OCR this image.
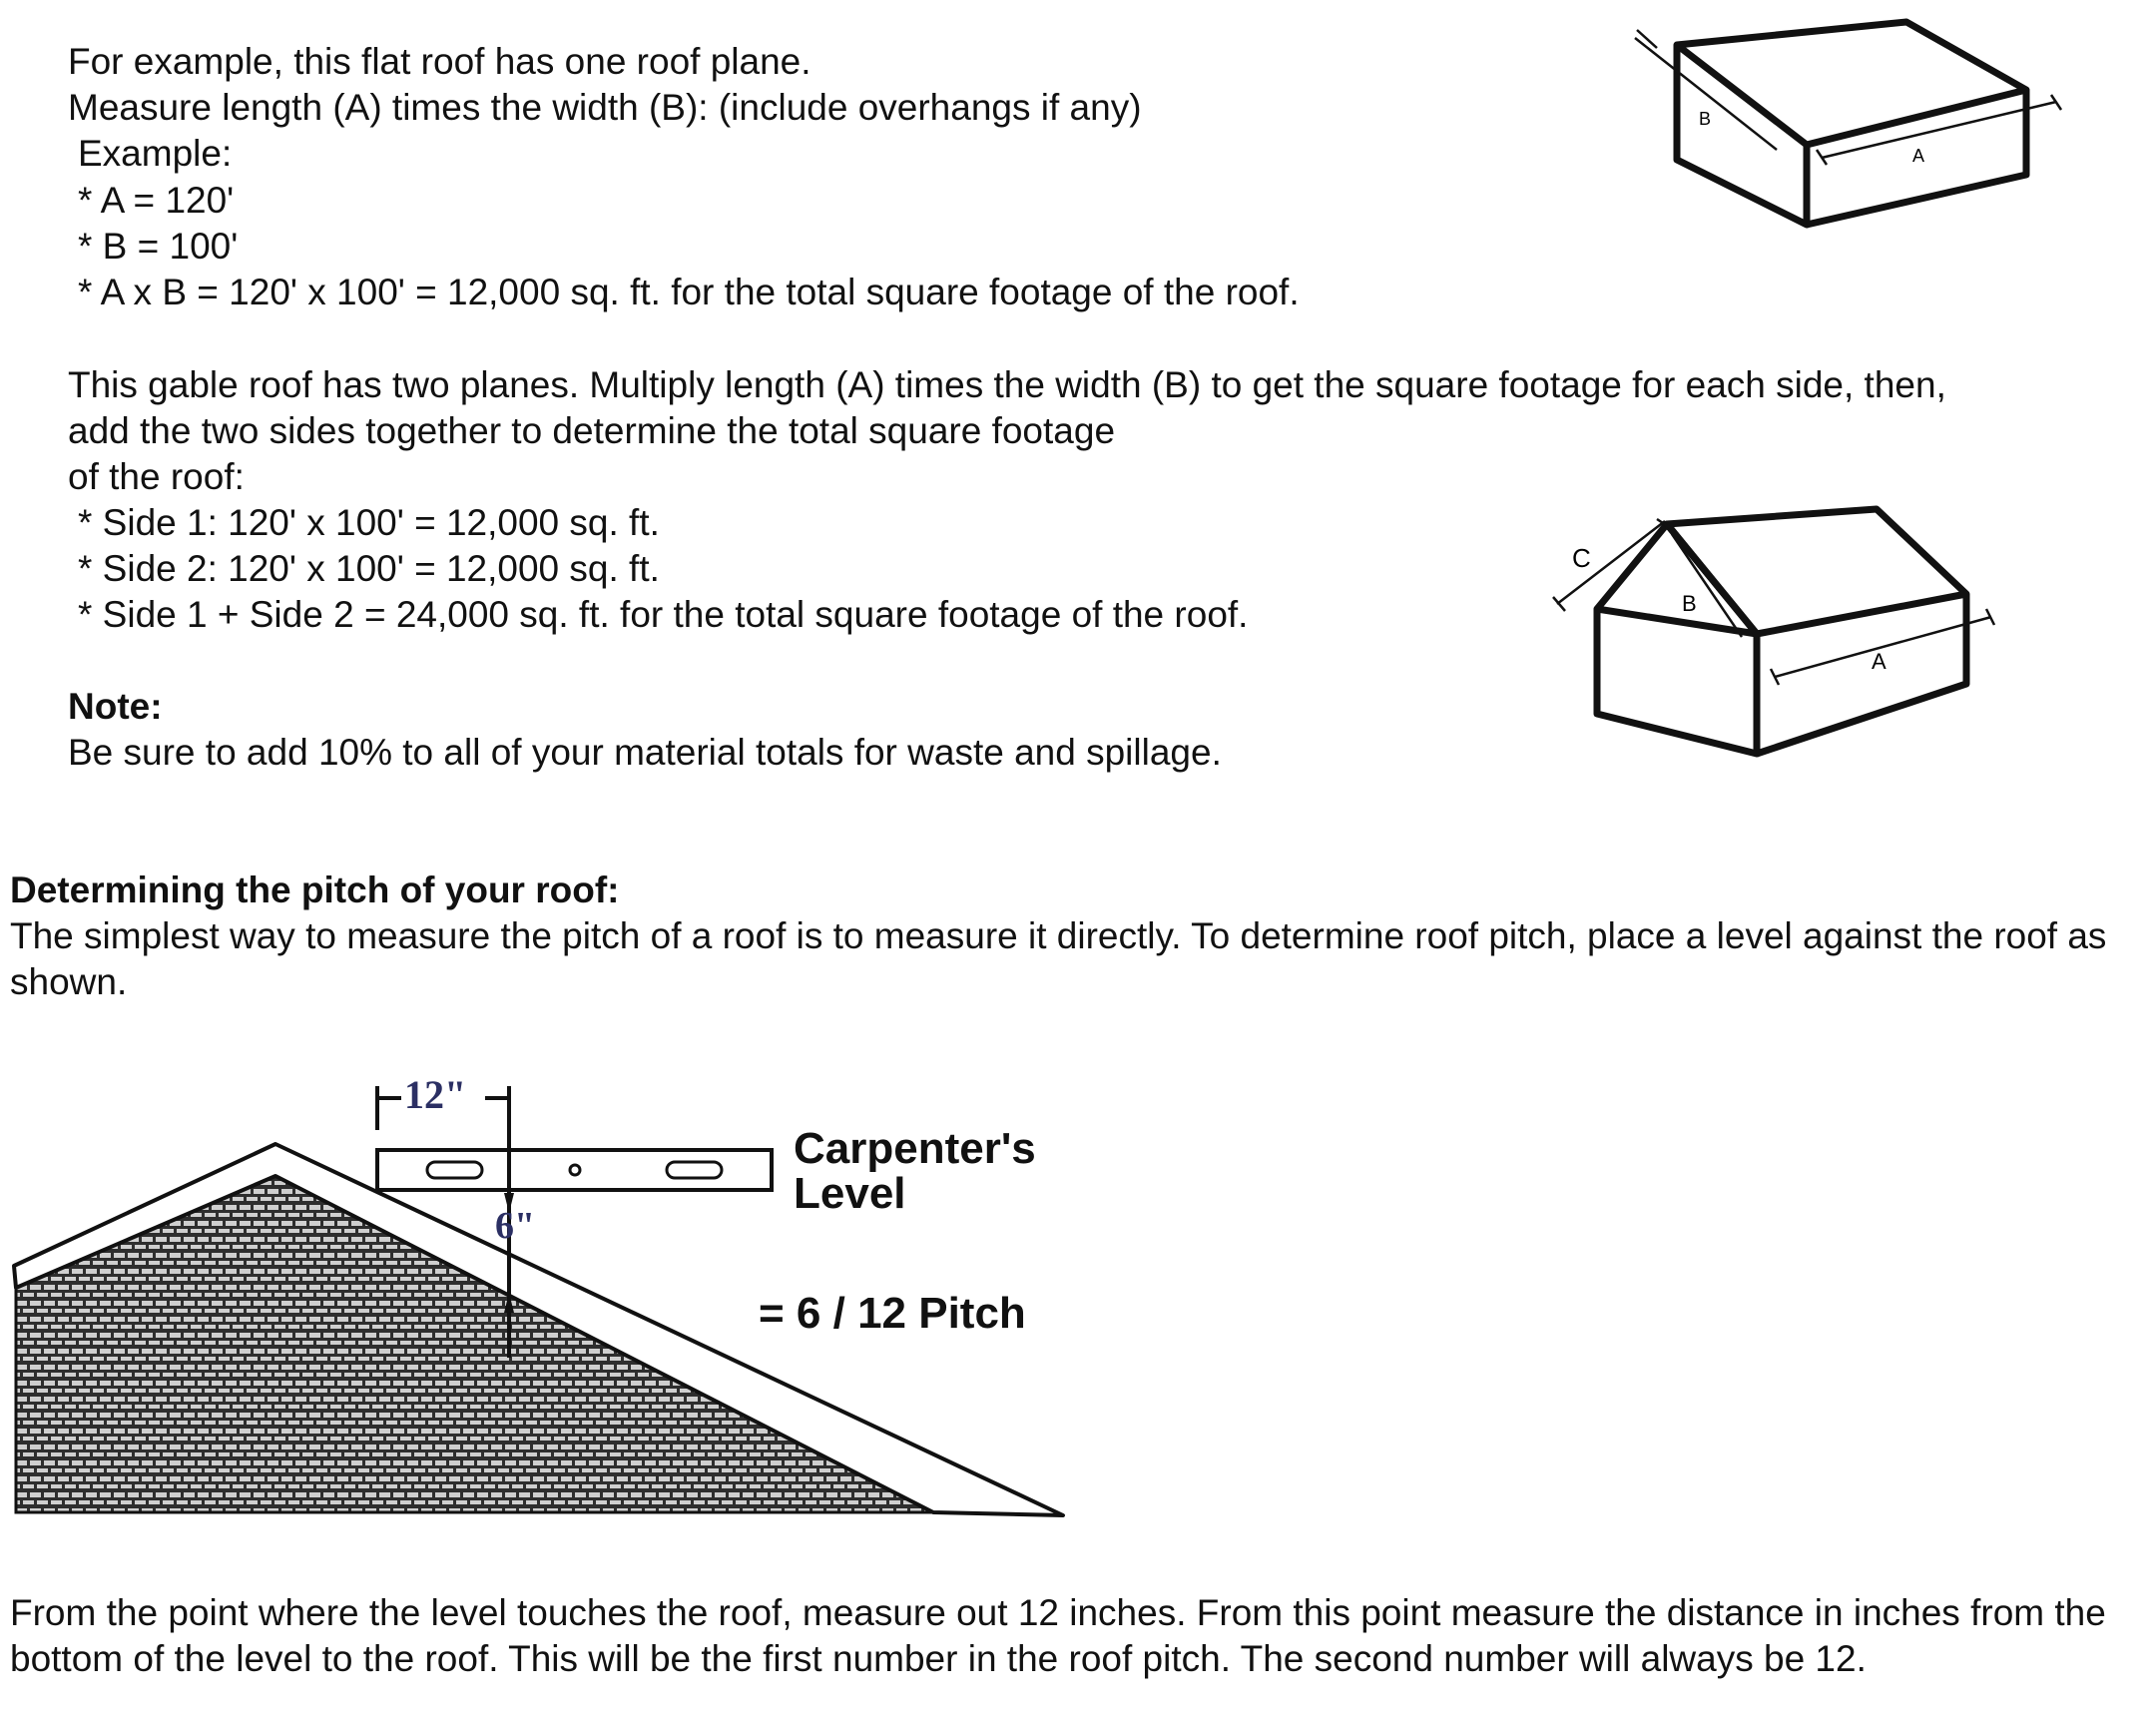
For example, this flat roof has one roof plane.
Measure length (A) times the width (B): (include overhangs if any)
Example:
* A = 120'
* B = 100'
* A x B = 120' x 100' = 12,000 sq. ft. for the total square footage of the roof.
B
A
This gable roof has two planes. Multiply length (A) times the width (B) to get the square footage for each side, then,
add the two sides together to determine the total square footage
of the roof:
* Side 1: 120' x 100' = 12,000 sq. ft.
* Side 2: 120' x 100' = 12,000 sq. ft.
* Side 1 + Side 2 = 24,000 sq. ft. for the total square footage of the roof.
C
B
A
Note:
Be sure to add 10% to all of your material totals for waste and spillage.
Determining the pitch of your roof:
The simplest way to measure the pitch of a roof is to measure it directly. To determine roof pitch, place a level against the roof as shown.
12"
6"
Carpenter's
Level
= 6 / 12 Pitch
From the point where the level touches the roof, measure out 12 inches. From this point measure the distance in inches from the bottom of the level to the roof. This will be the first number in the roof pitch. The second number will always be 12.
